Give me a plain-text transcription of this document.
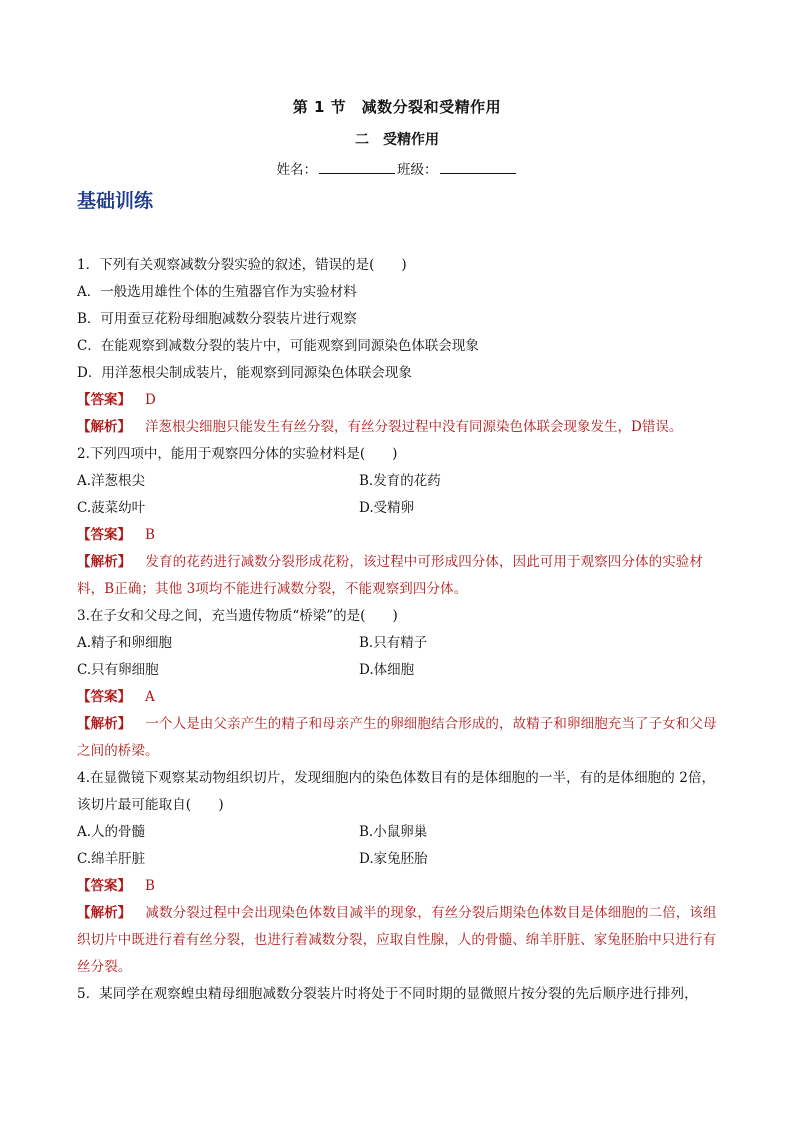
第 1 节　减数分裂和受精作用
二　受精作用
姓名：	班级：
基础训练
1．下列有关观察减数分裂实验的叙述，错误的是(　　)
A．一般选用雄性个体的生殖器官作为实验材料
B．可用蚕豆花粉母细胞减数分裂装片进行观察
C．在能观察到减数分裂的装片中，可能观察到同源染色体联会现象
D．用洋葱根尖制成装片，能观察到同源染色体联会现象
【答案】 D
【解析】 洋葱根尖细胞只能发生有丝分裂，有丝分裂过程中没有同源染色体联会现象发生，D错误。
2.下列四项中，能用于观察四分体的实验材料是(　　)
A.洋葱根尖	B.发育的花药
C.菠菜幼叶	D.受精卵
【答案】 B
【解析】 发育的花药进行减数分裂形成花粉，该过程中可形成四分体，因此可用于观察四分体的实验材料，B正确；其他 3项均不能进行减数分裂，不能观察到四分体。
3.在子女和父母之间，充当遗传物质“桥梁”的是(　　)
A.精子和卵细胞	B.只有精子
C.只有卵细胞	D.体细胞
【答案】 A
【解析】 一个人是由父亲产生的精子和母亲产生的卵细胞结合形成的，故精子和卵细胞充当了子女和父母之间的桥梁。
4.在显微镜下观察某动物组织切片，发现细胞内的染色体数目有的是体细胞的一半，有的是体细胞的 2倍，该切片最可能取自(　　)
A.人的骨髓	B.小鼠卵巢
C.绵羊肝脏	D.家兔胚胎
【答案】 B
【解析】 减数分裂过程中会出现染色体数目减半的现象，有丝分裂后期染色体数目是体细胞的二倍，该组织切片中既进行着有丝分裂，也进行着减数分裂，应取自性腺，人的骨髓、绵羊肝脏、家兔胚胎中只进行有丝分裂。
5．某同学在观察蝗虫精母细胞减数分裂装片时将处于不同时期的显微照片按分裂的先后顺序进行排列，
